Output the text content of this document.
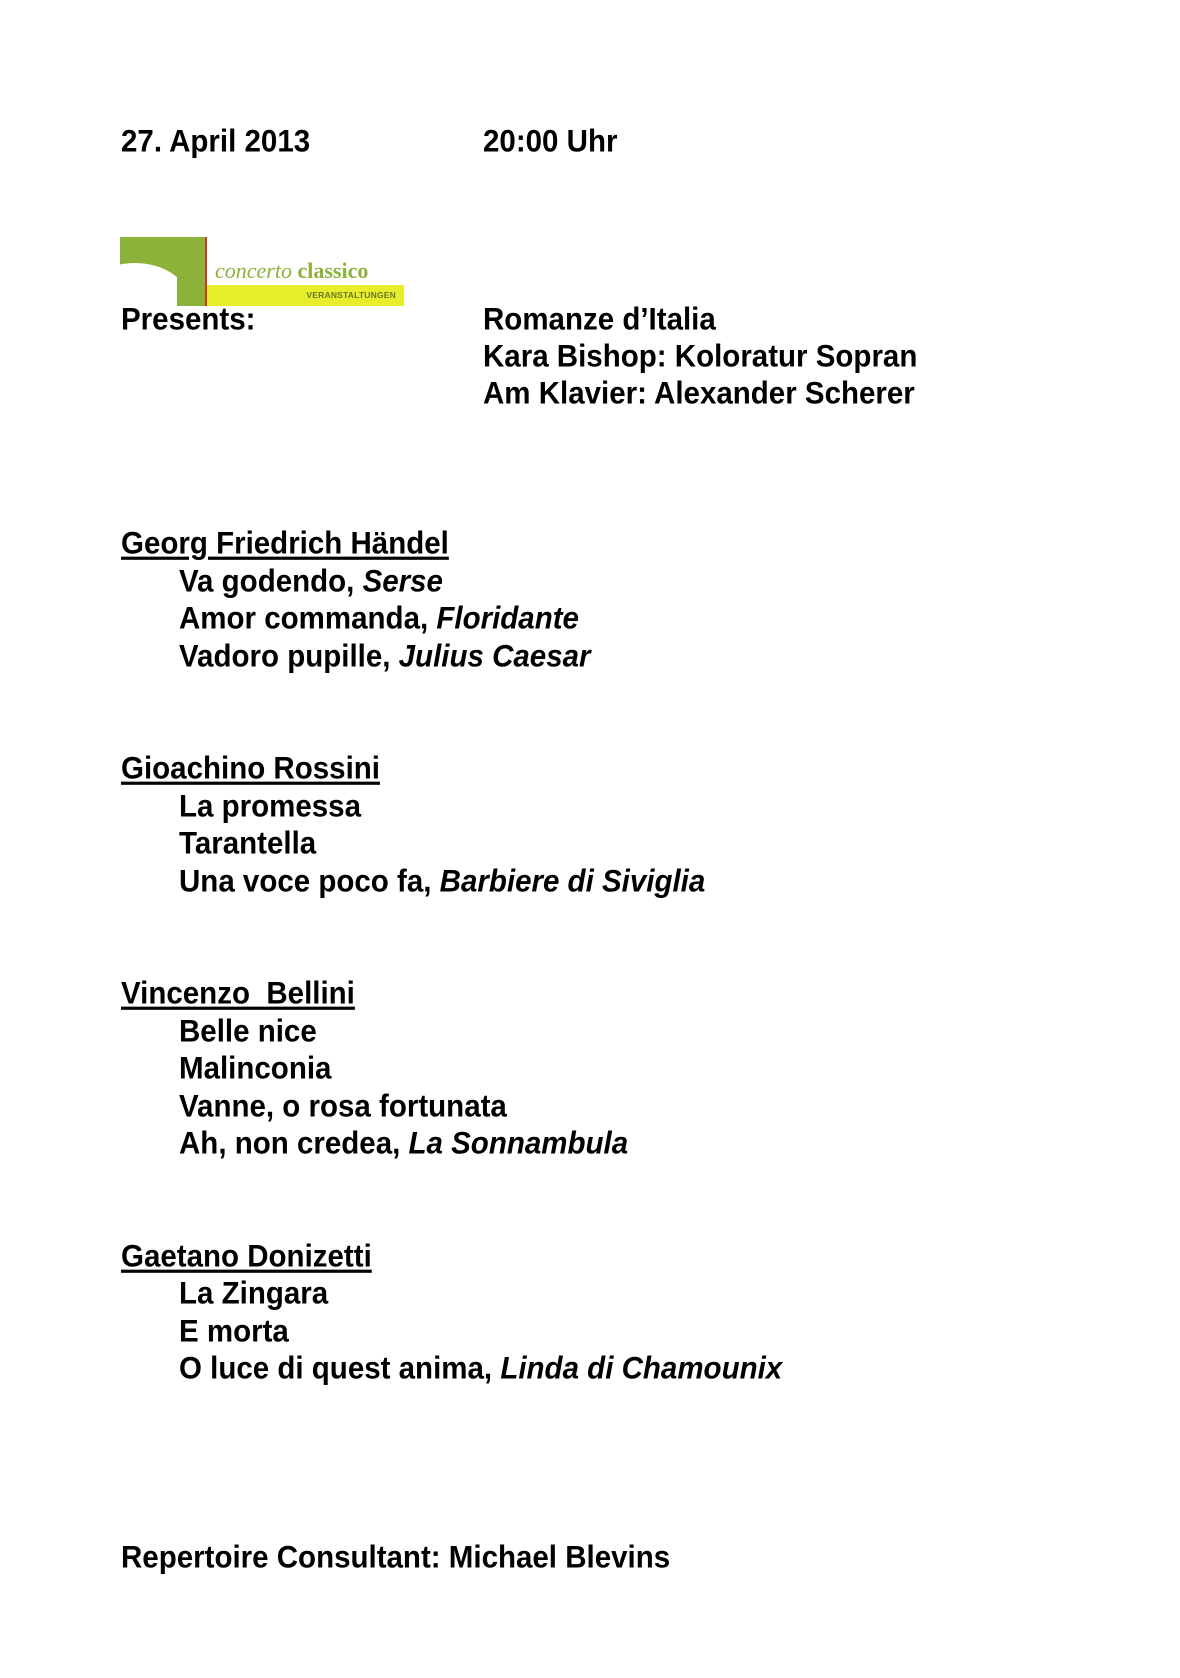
27. April 2013	20:00 Uhr
concerto classico
VERANSTALTUNGEN
Presents:	Romanze d’Italia
Kara Bishop: Koloratur Sopran
Am Klavier: Alexander Scherer
Georg Friedrich Händel
Va godendo, Serse
Amor commanda, Floridante
Vadoro pupille, Julius Caesar
Gioachino Rossini
La promessa
Tarantella
Una voce poco fa, Barbiere di Siviglia
Vincenzo  Bellini
Belle nice
Malinconia
Vanne, o rosa fortunata
Ah, non credea, La Sonnambula
Gaetano Donizetti
La Zingara
E morta
O luce di quest anima, Linda di Chamounix
Repertoire Consultant: Michael Blevins
